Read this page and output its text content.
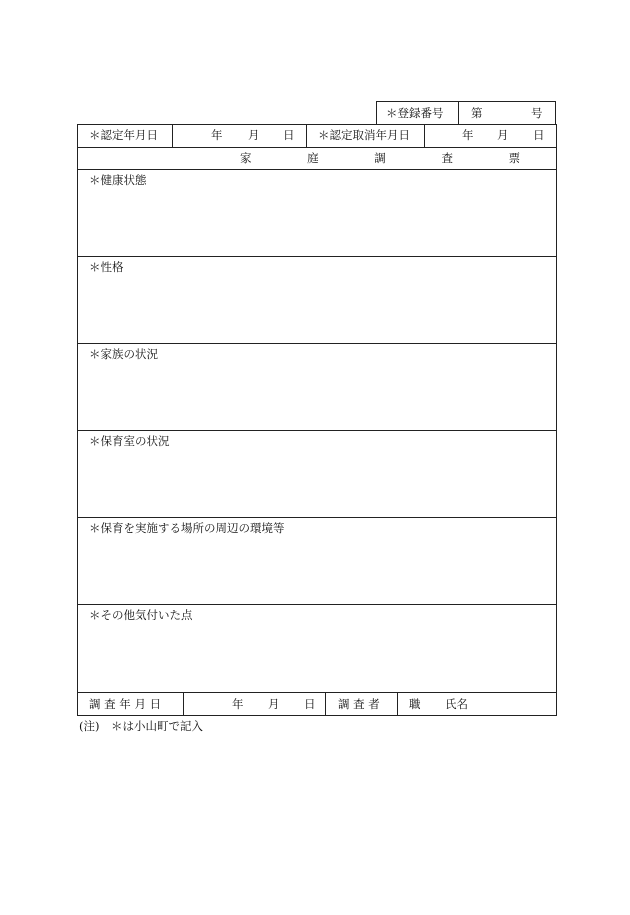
＊登録番号 第	号
＊認定年月日	年 月 日 ＊認定取消年月日	年 月 日
家 庭 調 査 票
＊健康状態
＊性格
＊家族の状況
＊保育室の状況
＊保育を実施する場所の周辺の環境等
＊その他気付いた点
調 査 年 月 日	年 月 日 調 査 者	職 氏名
(注)　＊は小山町で記入
